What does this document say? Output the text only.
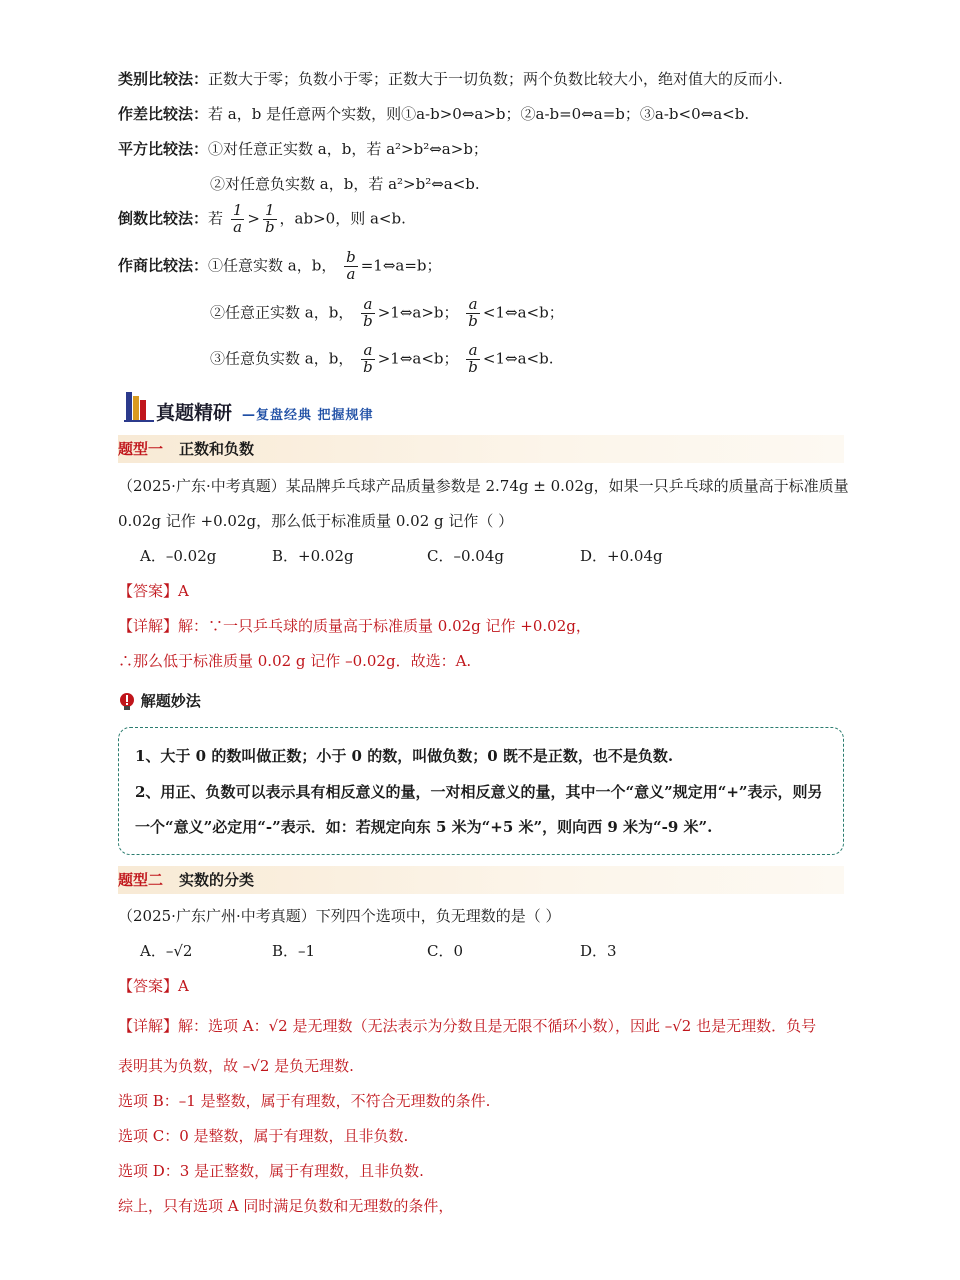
类别比较法：正数大于零；负数小于零；正数大于一切负数；两个负数比较大小，绝对值大的反而小.
作差比较法：若 a，b 是任意两个实数，则①a-b>0⇔a>b；②a-b=0⇔a=b；③a-b<0⇔a<b.
平方比较法：①对任意正实数 a，b，若 a²>b²⇔a>b；
②对任意负实数 a，b，若 a²>b²⇔a<b.
倒数比较法：若 $\frac{1}{a} > \frac{1}{b}$ ，ab>0，则 a<b.
作商比较法：①任意实数 a，b， $\frac{b}{a}$ =1⇔a=b；
②任意正实数 a，b， $\frac{a}{b}$ >1⇔a>b； $\frac{a}{b}$ <1⇔a<b；
③任意负实数 a，b， $\frac{a}{b}$ >1⇔a<b； $\frac{a}{b}$ <1⇔a<b.
真题精研 —复盘经典 把握规律
题型一 正数和负数
（2025·广东·中考真题）某品牌乒乓球产品质量参数是 2.74g ± 0.02g，如果一只乒乓球的质量高于标准质量
0.02g 记作 +0.02g，那么低于标准质量 0.02 g 记作（ ）
A．–0.02g	B．+0.02g	C．–0.04g	D．+0.04g
【答案】A
【详解】解：∵一只乒乓球的质量高于标准质量 0.02g 记作 +0.02g，
∴那么低于标准质量 0.02 g 记作 –0.02g．故选：A.
解题妙法
1、大于 0 的数叫做正数；小于 0 的数，叫做负数；0 既不是正数，也不是负数.
2、用正、负数可以表示具有相反意义的量，一对相反意义的量，其中一个“意义”规定用“+”表示，则另
一个“意义”必定用“-”表示．如：若规定向东 5 米为“+5 米”，则向西 9 米为“-9 米”.
题型二 实数的分类
（2025·广东广州·中考真题）下列四个选项中，负无理数的是（ ）
A．–√2	B．–1	C．0	D．3
【答案】A
【详解】解：选项 A：√2 是无理数（无法表示为分数且是无限不循环小数），因此 –√2 也是无理数．负号
表明其为负数，故 –√2 是负无理数.
选项 B：–1 是整数，属于有理数，不符合无理数的条件.
选项 C：0 是整数，属于有理数，且非负数.
选项 D：3 是正整数，属于有理数，且非负数.
综上，只有选项 A 同时满足负数和无理数的条件，
